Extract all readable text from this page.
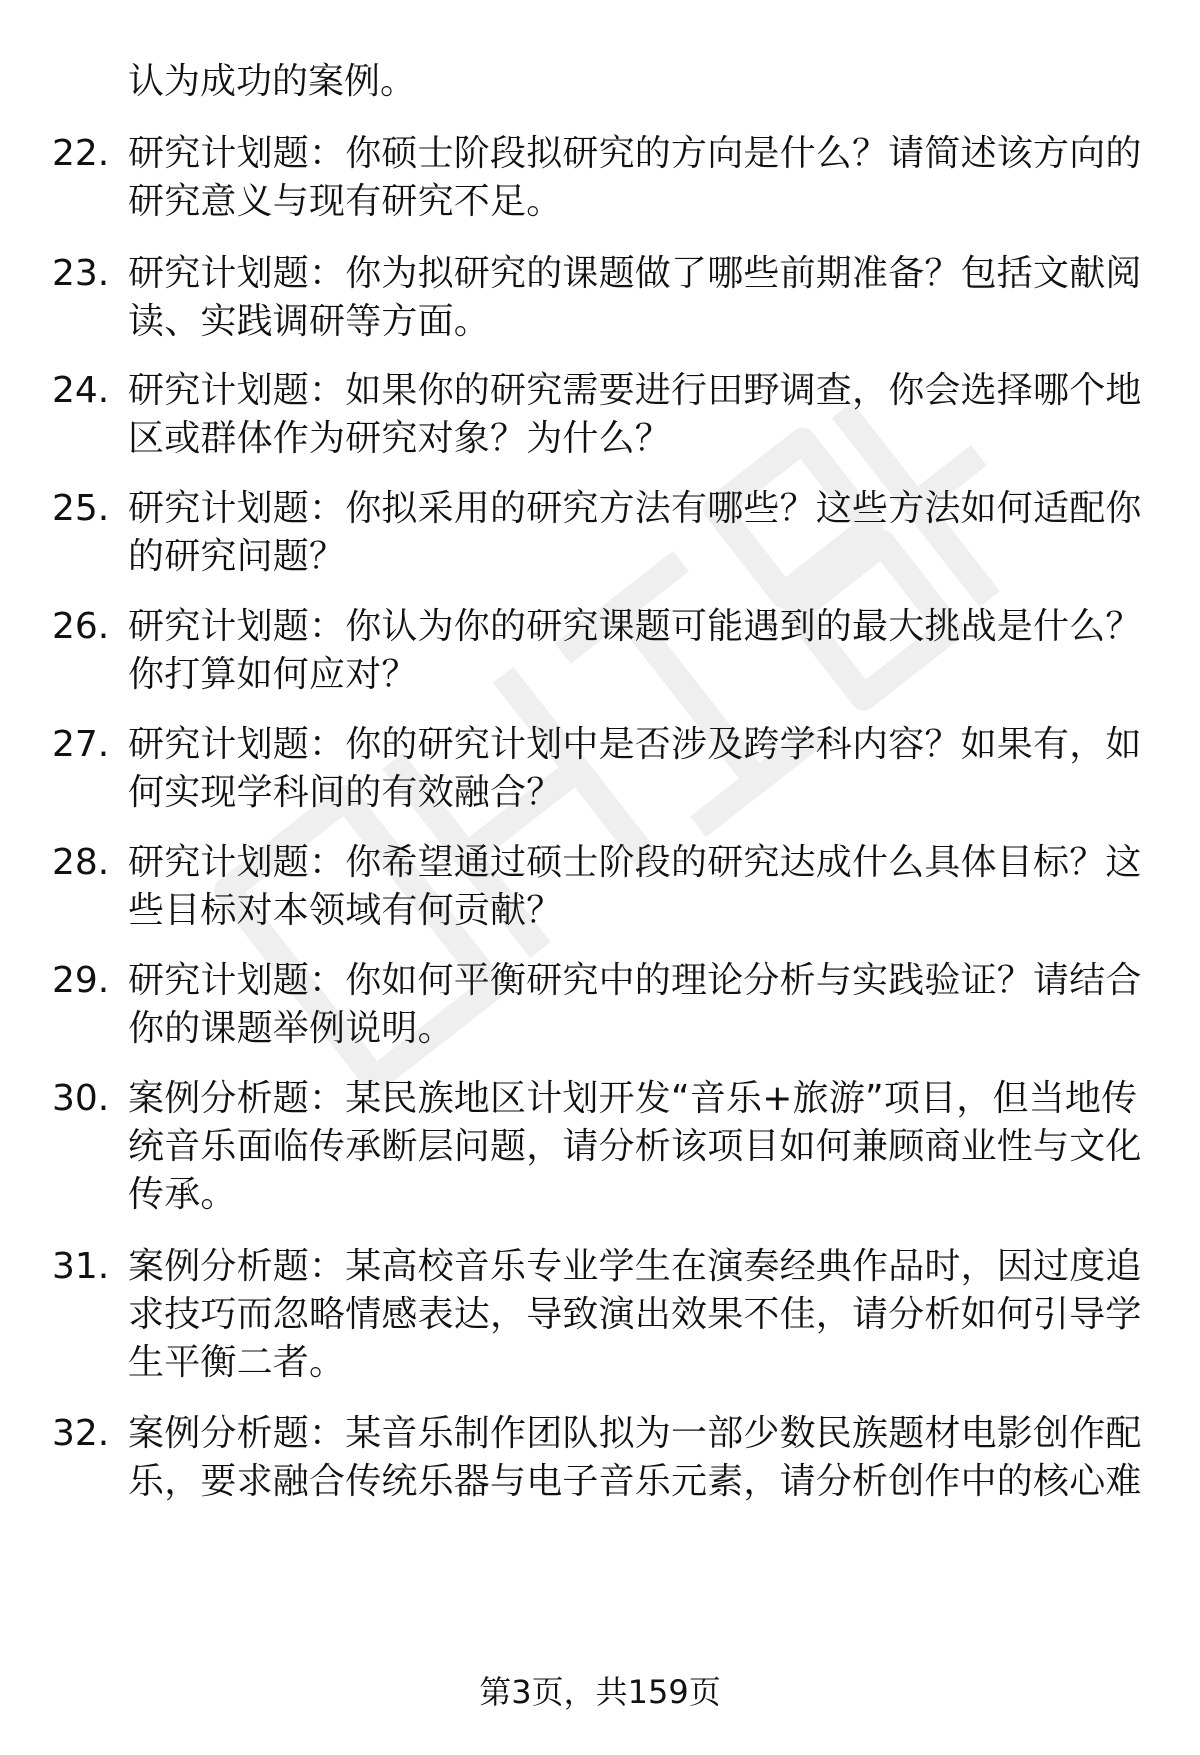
认为成功的案例。

22. 研究计划题：你硕士阶段拟研究的方向是什么？请简述该方向的研究意义与现有研究不足。

23. 研究计划题：你为拟研究的课题做了哪些前期准备？包括文献阅读、实践调研等方面。

24. 研究计划题：如果你的研究需要进行田野调查，你会选择哪个地区或群体作为研究对象？为什么？

25. 研究计划题：你拟采用的研究方法有哪些？这些方法如何适配你的研究问题？

26. 研究计划题：你认为你的研究课题可能遇到的最大挑战是什么？你打算如何应对？

27. 研究计划题：你的研究计划中是否涉及跨学科内容？如果有，如何实现学科间的有效融合？

28. 研究计划题：你希望通过硕士阶段的研究达成什么具体目标？这些目标对本领域有何贡献？

29. 研究计划题：你如何平衡研究中的理论分析与实践验证？请结合你的课题举例说明。

30. 案例分析题：某民族地区计划开发“音乐+旅游”项目，但当地传统音乐面临传承断层问题，请分析该项目如何兼顾商业性与文化传承。

31. 案例分析题：某高校音乐专业学生在演奏经典作品时，因过度追求技巧而忽略情感表达，导致演出效果不佳，请分析如何引导学生平衡二者。

32. 案例分析题：某音乐制作团队拟为一部少数民族题材电影创作配乐，要求融合传统乐器与电子音乐元素，请分析创作中的核心难

第3页，共159页
